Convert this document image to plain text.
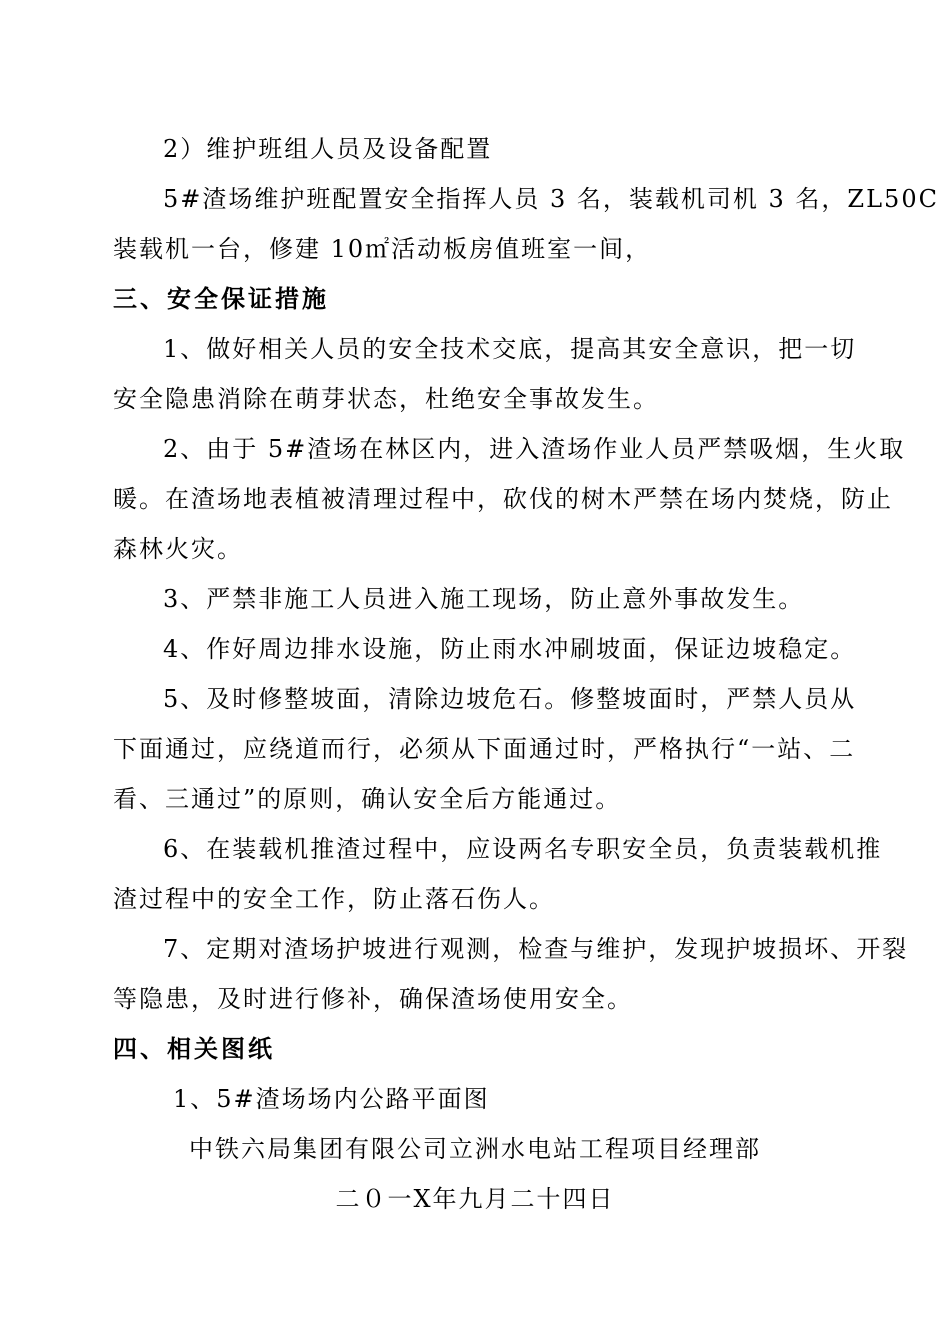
2）维护班组人员及设备配置
5#渣场维护班配置安全指挥人员 3 名，装载机司机 3 名，ZL50C
装载机一台，修建 10㎡活动板房值班室一间，
三、安全保证措施
1、做好相关人员的安全技术交底，提高其安全意识，把一切
安全隐患消除在萌芽状态，杜绝安全事故发生。
2、由于 5#渣场在林区内，进入渣场作业人员严禁吸烟，生火取
暖。在渣场地表植被清理过程中，砍伐的树木严禁在场内焚烧，防止
森林火灾。
3、严禁非施工人员进入施工现场，防止意外事故发生。
4、作好周边排水设施，防止雨水冲刷坡面，保证边坡稳定。
5、及时修整坡面，清除边坡危石。修整坡面时，严禁人员从
下面通过，应绕道而行，必须从下面通过时，严格执行“一站、二
看、三通过”的原则，确认安全后方能通过。
6、在装载机推渣过程中，应设两名专职安全员，负责装载机推
渣过程中的安全工作，防止落石伤人。
7、定期对渣场护坡进行观测，检查与维护，发现护坡损坏、开裂
等隐患，及时进行修补，确保渣场使用安全。
四、相关图纸
1、5#渣场场内公路平面图
中铁六局集团有限公司立洲水电站工程项目经理部
二０一X年九月二十四日
